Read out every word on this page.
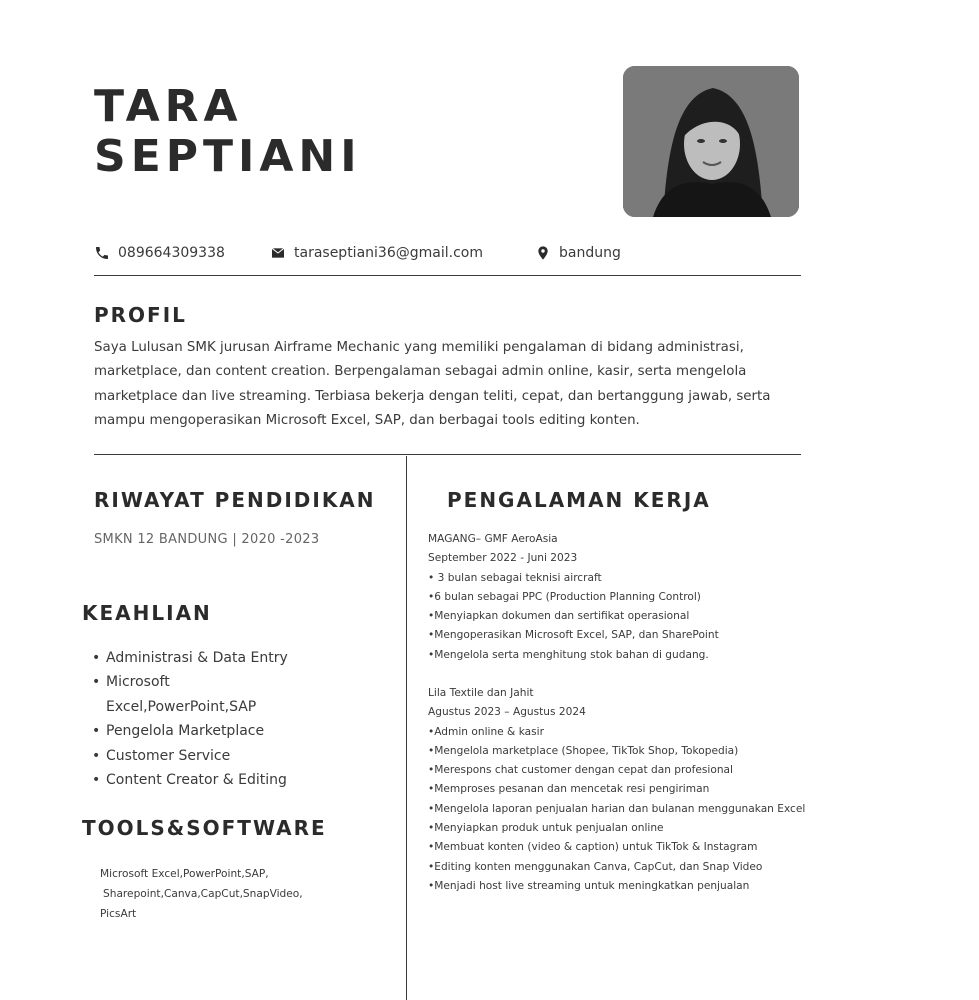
TARA
SEPTIANI
089664309338	taraseptiani36@gmail.com	bandung
PROFIL

Saya Lulusan SMK jurusan Airframe Mechanic yang memiliki pengalaman di bidang administrasi, marketplace, dan content creation. Berpengalaman sebagai admin online, kasir, serta mengelola marketplace dan live streaming. Terbiasa bekerja dengan teliti, cepat, dan bertanggung jawab, serta mampu mengoperasikan Microsoft Excel, SAP, dan berbagai tools editing konten.

RIWAYAT PENDIDIKAN
SMKN 12 BANDUNG | 2020 -2023
KEAHLIAN
• Administrasi & Data Entry
• Microsoft Excel,PowerPoint,SAP
• Pengelola Marketplace
• Customer Service
• Content Creator & Editing
TOOLS&SOFTWARE

Microsoft Excel,PowerPoint,SAP,
Sharepoint,Canva,CapCut,SnapVideo,
PicsArt

PENGALAMAN KERJA
MAGANG– GMF AeroAsia
September 2022 - Juni 2023
• 3 bulan sebagai teknisi aircraft
•6 bulan sebagai PPC (Production Planning Control)
•Menyiapkan dokumen dan sertifikat operasional
•Mengoperasikan Microsoft Excel, SAP, dan SharePoint
•Mengelola serta menghitung stok bahan di gudang.
Lila Textile dan Jahit
Agustus 2023 – Agustus 2024
•Admin online & kasir
•Mengelola marketplace (Shopee, TikTok Shop, Tokopedia)
•Merespons chat customer dengan cepat dan profesional
•Memproses pesanan dan mencetak resi pengiriman
•Mengelola laporan penjualan harian dan bulanan menggunakan Excel
•Menyiapkan produk untuk penjualan online
•Membuat konten (video & caption) untuk TikTok & Instagram
•Editing konten menggunakan Canva, CapCut, dan Snap Video
•Menjadi host live streaming untuk meningkatkan penjualan
